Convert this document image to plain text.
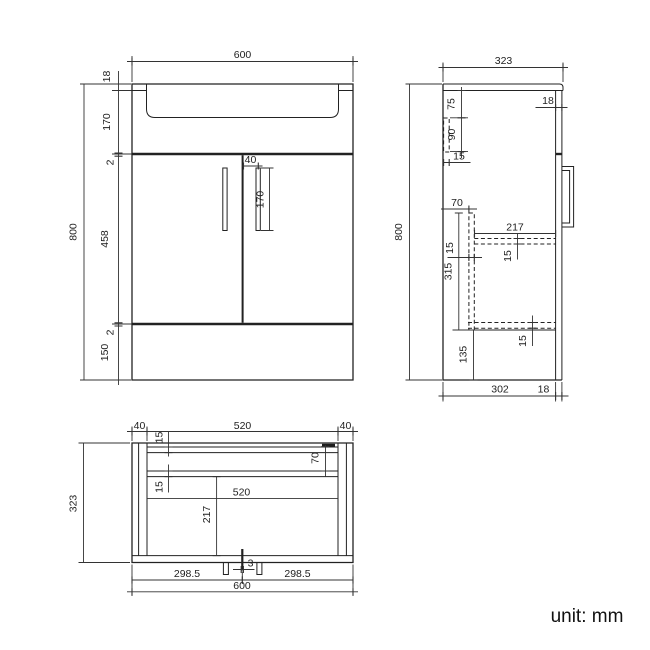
600
800
18
170
2
458
2
150
40
170
323
800
18
75
90
15
70
315
15
217
15
15
135
302	18
40	520	40
15
70
15	520
217
3
323
298.5	298.5
600
unit: mm
